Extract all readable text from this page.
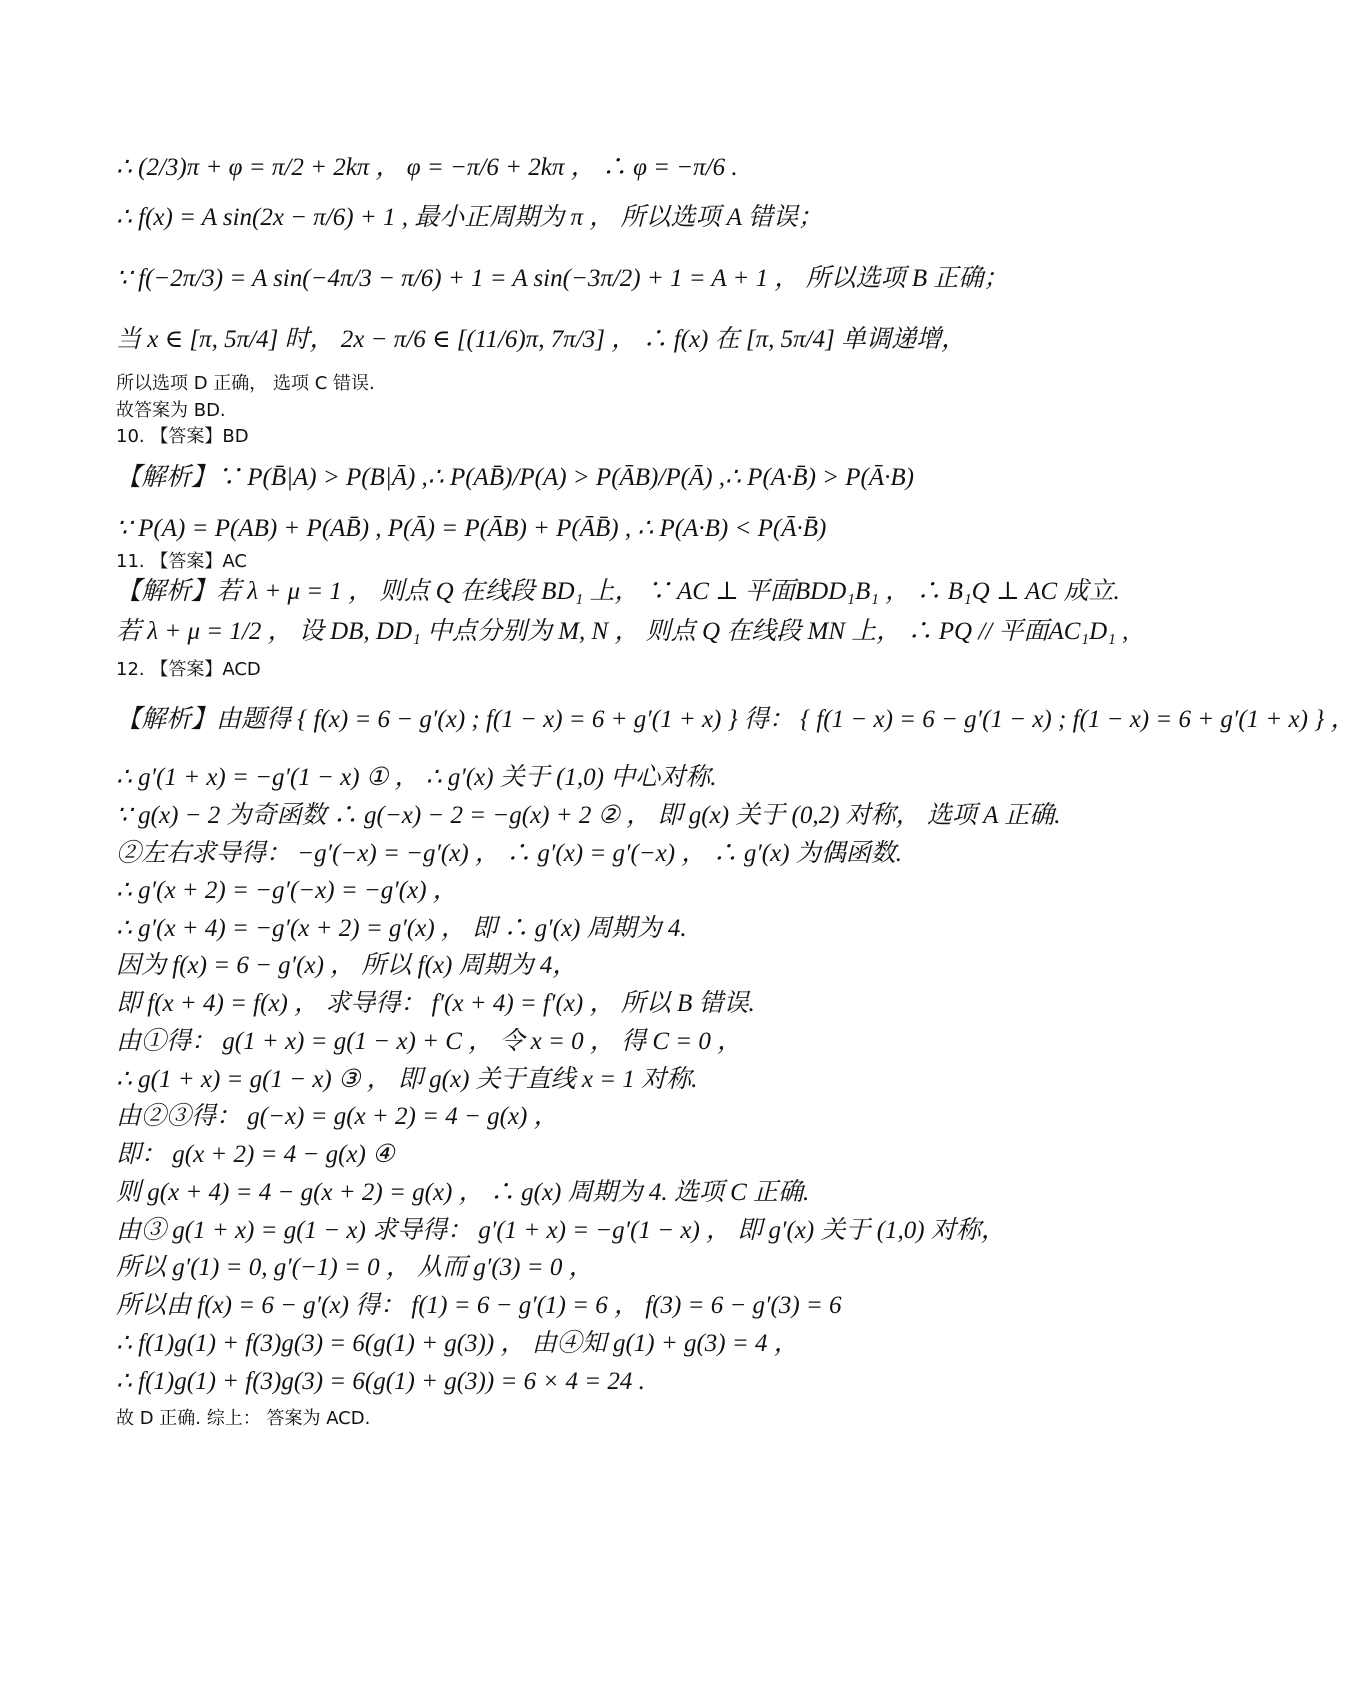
∴ (2/3)π + φ = π/2 + 2kπ ， φ = −π/6 + 2kπ ， ∴ φ = −π/6 .
∴ f(x) = A sin(2x − π/6) + 1 , 最小正周期为 π ， 所以选项 A 错误；
∵ f(−2π/3) = A sin(−4π/3 − π/6) + 1 = A sin(−3π/2) + 1 = A + 1 ， 所以选项 B 正确；
当 x ∈ [π, 5π/4] 时， 2x − π/6 ∈ [(11/6)π, 7π/3] ， ∴ f(x) 在 [π, 5π/4] 单调递增，
所以选项 D 正确， 选项 C 错误.
故答案为 BD.
10. 【答案】BD
【解析】∵ P(B̄|A) > P(B|Ā) ,∴ P(AB̄)/P(A) > P(ĀB)/P(Ā) ,∴ P(A·B̄) > P(Ā·B)
∵ P(A) = P(AB) + P(AB̄) , P(Ā) = P(ĀB) + P(ĀB̄) , ∴ P(A·B) < P(Ā·B̄)
11. 【答案】AC
【解析】若 λ + μ = 1 ， 则点 Q 在线段 BD₁ 上， ∵ AC ⊥ 平面BDD₁B₁ ， ∴ B₁Q ⊥ AC 成立.
若 λ + μ = 1/2 ， 设 DB, DD₁ 中点分别为 M, N ， 则点 Q 在线段 MN 上， ∴ PQ // 平面AC₁D₁ ,
12. 【答案】ACD
【解析】由题得 { f(x) = 6 − g′(x) ; f(1 − x) = 6 + g′(1 + x) } 得： { f(1 − x) = 6 − g′(1 − x) ; f(1 − x) = 6 + g′(1 + x) } ，
∴ g′(1 + x) = −g′(1 − x) ① ， ∴ g′(x) 关于 (1,0) 中心对称.
∵ g(x) − 2 为奇函数 ∴ g(−x) − 2 = −g(x) + 2 ② ， 即 g(x) 关于 (0,2) 对称， 选项 A 正确.
②左右求导得： −g′(−x) = −g′(x) ， ∴ g′(x) = g′(−x) ， ∴ g′(x) 为偶函数.
∴ g′(x + 2) = −g′(−x) = −g′(x) ，
∴ g′(x + 4) = −g′(x + 2) = g′(x) ， 即 ∴ g′(x) 周期为 4.
因为 f(x) = 6 − g′(x) ， 所以 f(x) 周期为 4，
即 f(x + 4) = f(x) ， 求导得： f′(x + 4) = f′(x) ， 所以 B 错误.
由①得： g(1 + x) = g(1 − x) + C ， 令 x = 0 ， 得 C = 0 ，
∴ g(1 + x) = g(1 − x) ③ ， 即 g(x) 关于直线 x = 1 对称.
由②③得： g(−x) = g(x + 2) = 4 − g(x) ，
即： g(x + 2) = 4 − g(x) ④
则 g(x + 4) = 4 − g(x + 2) = g(x) ， ∴ g(x) 周期为 4. 选项 C 正确.
由③ g(1 + x) = g(1 − x) 求导得： g′(1 + x) = −g′(1 − x) ， 即 g′(x) 关于 (1,0) 对称，
所以 g′(1) = 0, g′(−1) = 0 ， 从而 g′(3) = 0 ，
所以由 f(x) = 6 − g′(x) 得： f(1) = 6 − g′(1) = 6 ， f(3) = 6 − g′(3) = 6
∴ f(1)g(1) + f(3)g(3) = 6(g(1) + g(3)) ， 由④知 g(1) + g(3) = 4 ，
∴ f(1)g(1) + f(3)g(3) = 6(g(1) + g(3)) = 6 × 4 = 24 .
故 D 正确. 综上： 答案为 ACD.
